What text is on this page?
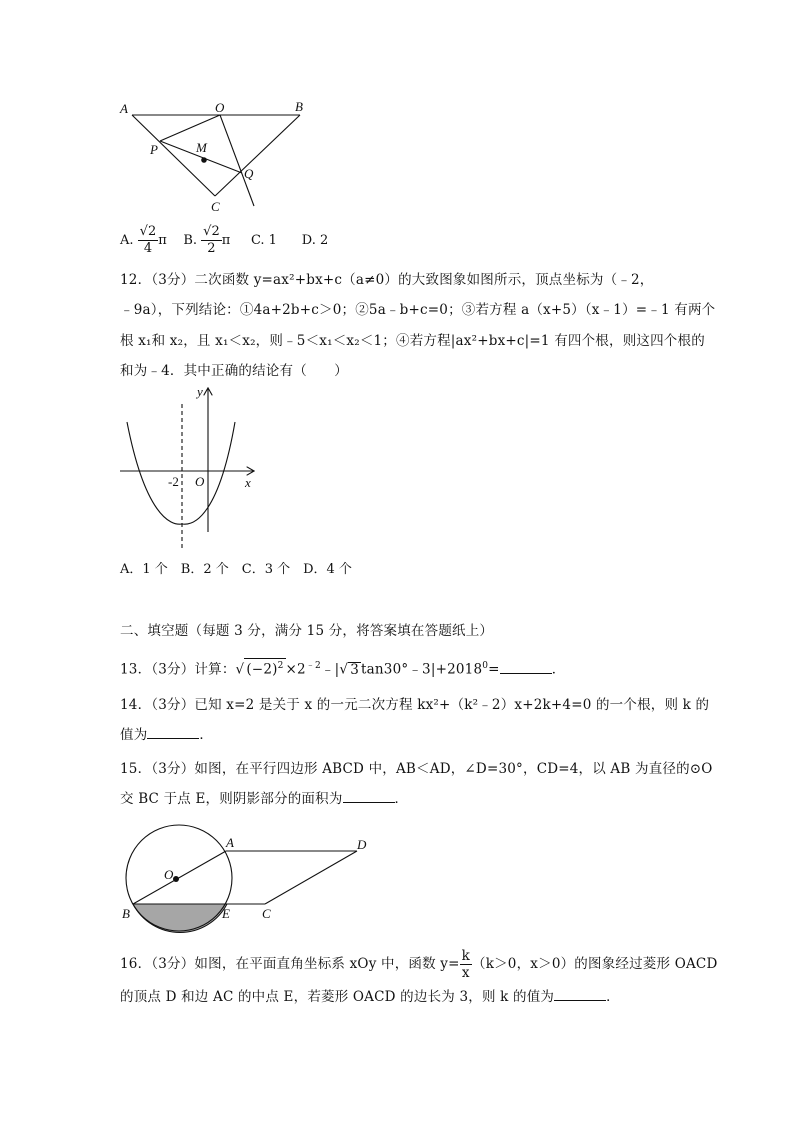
A	O	B
P	M
Q
C
A. $\frac{√2}{4}$ π B. $\frac{√2}{2}$ π C. 1 D. 2
12．（3分）二次函数 y=ax²+bx+c（a≠0）的大致图象如图所示，顶点坐标为（﹣2，
﹣9a），下列结论：①4a+2b+c＞0；②5a﹣b+c=0；③若方程 a（x+5）（x﹣1）=﹣1 有两个
根 x₁和 x₂，且 x₁＜x₂，则﹣5＜x₁＜x₂＜1；④若方程|ax²+bx+c|=1 有四个根，则这四个根的
和为﹣4．其中正确的结论有（　　）
y
x
-2 O
A．1 个　B．2 个　C．3 个　D．4 个
二、填空题（每题 3 分，满分 15 分，将答案填在答题纸上）
13．（3分）计算：√ $(-2)^2$ $\times 2^{﹣2}﹣|√$ 3 $\tan 30^\circ﹣3|+2018^0=$	．
14．（3分）已知 x=2 是关于 x 的一元二次方程 kx²+（k²﹣2）x+2k+4=0 的一个根，则 k 的
值为	．
15．（3分）如图，在平行四边形 ABCD 中，AB＜AD，∠D=30°，CD=4，以 AB 为直径的⊙O
交 BC 于点 E，则阴影部分的面积为	．
A	D
O
B	E C
16．（3分）如图，在平面直角坐标系 xOy 中，函数 $y= \frac{k}{x} (k>0$，x＞0）的图象经过菱形 OACD
的顶点 D 和边 AC 的中点 E，若菱形 OACD 的边长为 3，则 k 的值为	．
